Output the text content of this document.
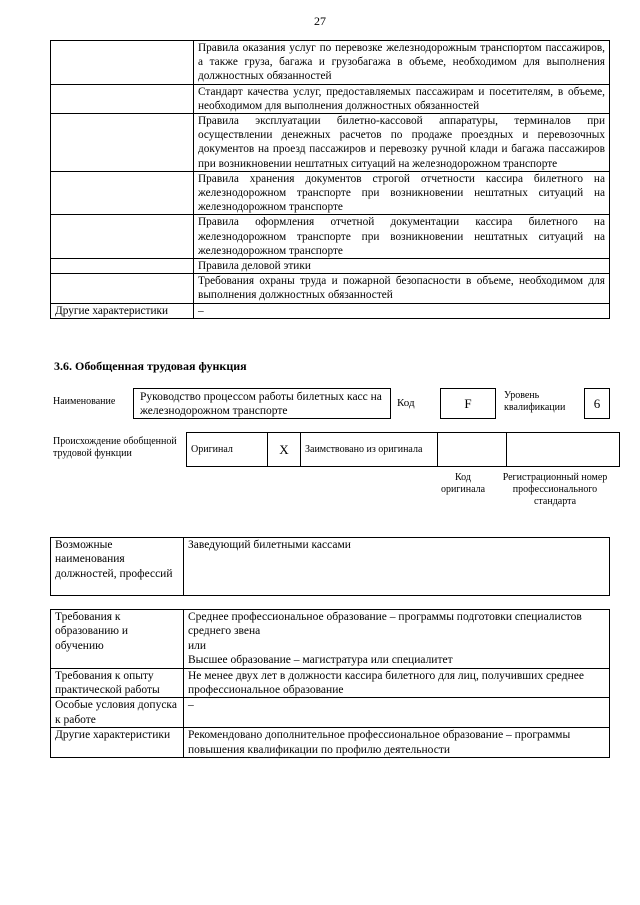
27
	Правила оказания услуг по перевозке железнодорожным транспортом пассажиров, а также груза, багажа и грузобагажа в объеме, необходимом для выполнения должностных обязанностей
	Стандарт качества услуг, предоставляемых пассажирам и посетителям, в объеме, необходимом для выполнения должностных обязанностей
	Правила эксплуатации билетно-кассовой аппаратуры, терминалов при осуществлении денежных расчетов по продаже проездных и перевозочных документов на проезд пассажиров и перевозку ручной клади и багажа пассажиров при возникновении нештатных ситуаций на железнодорожном транспорте
	Правила хранения документов строгой отчетности кассира билетного на железнодорожном транспорте при возникновении нештатных ситуаций на железнодорожном транспорте
	Правила оформления отчетной документации кассира билетного на железнодорожном транспорте при возникновении нештатных ситуаций на железнодорожном транспорте
	Правила деловой этики
	Требования охраны труда и пожарной безопасности в объеме, необходимом для выполнения должностных обязанностей
Другие характеристики	–
3.6. Обобщенная трудовая функция
Наименование	Руководство процессом работы билетных касс на железнодорожном транспорте
Код	F
Уровень квалификации	6
Происхождение обобщенной трудовой функции	Оригинал	X	Заимствовано из оригинала		
Код оригинала
Регистрационный номер профессионального стандарта
Возможные наименования должностей, профессий	Заведующий билетными кассами
Требования к образованию и обучению	Среднее профессиональное образование – программы подготовки специалистов среднего звена
или
Высшее образование – магистратура или специалитет

Требования к опыту практической работы	Не менее двух лет в должности кассира билетного для лиц, получивших среднее профессиональное образование

Особые условия допуска к работе	–

Другие характеристики	Рекомендовано дополнительное профессиональное образование – программы повышения квалификации по профилю деятельности
